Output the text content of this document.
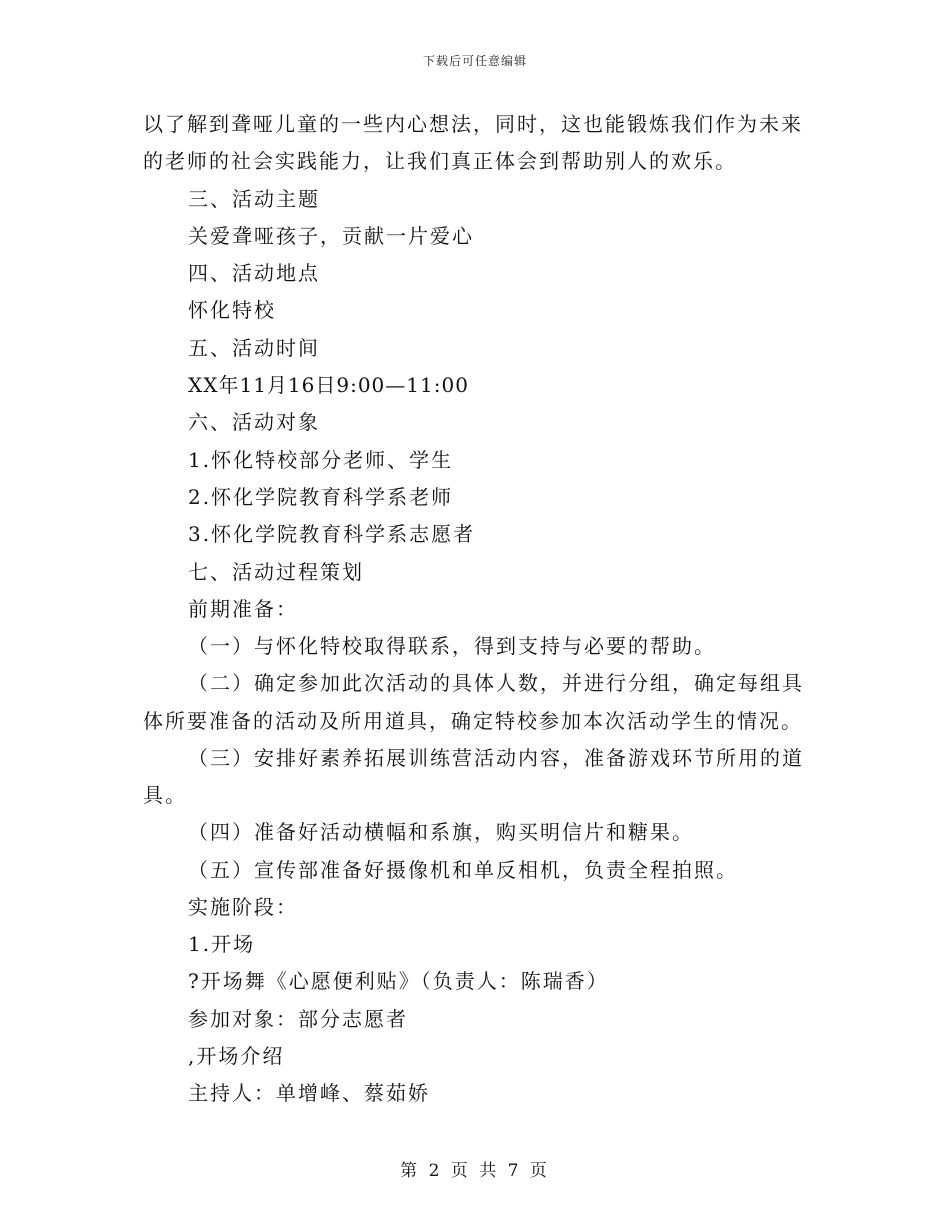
下载后可任意编辑
以了解到聋哑儿童的一些内心想法，同时，这也能锻炼我们作为未来
的老师的社会实践能力，让我们真正体会到帮助别人的欢乐。
三、活动主题
关爱聋哑孩子，贡献一片爱心
四、活动地点
怀化特校
五、活动时间
XX年11月16日9:00—11:00
六、活动对象
1.怀化特校部分老师、学生
2.怀化学院教育科学系老师
3.怀化学院教育科学系志愿者
七、活动过程策划
前期准备：
（一）与怀化特校取得联系，得到支持与必要的帮助。
（二）确定参加此次活动的具体人数，并进行分组，确定每组具
体所要准备的活动及所用道具，确定特校参加本次活动学生的情况。
（三）安排好素养拓展训练营活动内容，准备游戏环节所用的道
具。
（四）准备好活动横幅和系旗，购买明信片和糖果。
（五）宣传部准备好摄像机和单反相机，负责全程拍照。
实施阶段：
1.开场
?开场舞《心愿便利贴》（负责人：陈瑞香）
参加对象：部分志愿者
,开场介绍
主持人：单增峰、蔡茹娇
第 2 页 共 7 页
